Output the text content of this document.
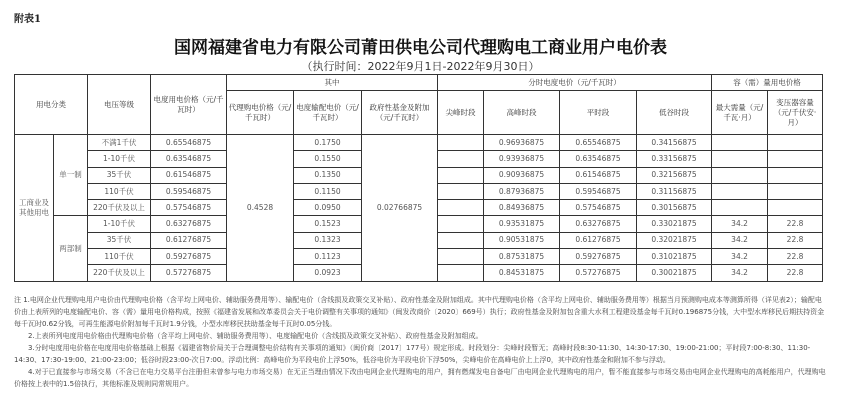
附表1
国网福建省电力有限公司莆田供电公司代理购电工商业用户电价表
（执行时间：2022年9月1日-2022年9月30日）
用电分类		电压等级	电度用电价格（元/千瓦时）	其中			分时电度电价（元/千瓦时）				容（需）量用电价格	
				代理购电价格（元/千瓦时）	电度输配电价（元/千瓦时）	政府性基金及附加（元/千瓦时）	尖峰时段	高峰时段	平时段	低谷时段	最大需量（元/千瓦·月）	变压器容量（元/千伏安·月）
工商业及其他用电	单一制	不满1千伏	0.65546875	0.4528	0.1750	0.02766875		0.96936875	0.65546875	0.34156875		
		1-10千伏	0.63546875		0.1550			0.93936875	0.63546875	0.33156875		
		35千伏	0.61546875		0.1350			0.90936875	0.61546875	0.32156875		
		110千伏	0.59546875		0.1150			0.87936875	0.59546875	0.31156875		
		220千伏及以上	0.57546875		0.0950			0.84936875	0.57546875	0.30156875		
	两部制	1-10千伏	0.63276875		0.1523			0.93531875	0.63276875	0.33021875	34.2	22.8
		35千伏	0.61276875		0.1323			0.90531875	0.61276875	0.32021875	34.2	22.8
		110千伏	0.59276875		0.1123			0.87531875	0.59276875	0.31021875	34.2	22.8
		220千伏及以上	0.57276875		0.0923			0.84531875	0.57276875	0.30021875	34.2	22.8

注 1.电网企业代理购电用户电价由代理购电价格（含平均上网电价、辅助服务费用等）、输配电价（含线损及政策交叉补贴）、政府性基金及附加组成。其中代理购电价格（含平均上网电价、辅助服务费用等）根据当月预测购电成本等测算所得（详见表2）；输配电价由上表所列的电度输配电价、容（需）量用电价格构成，按照《福建省发展和改革委员会关于电价调整有关事项的通知》（闽发改商价〔2020〕669号）执行；政府性基金及附加包含重大水利工程建设基金每千瓦时0.196875分钱，大中型水库移民后期扶持资金每千瓦时0.62分钱，可再生能源电价附加每千瓦时1.9分钱，小型水库移民扶助基金每千瓦时0.05分钱。

2.上表所列电度用电价格由代理购电价格（含平均上网电价、辅助服务费用等）、电度输配电价（含线损及政策交叉补贴）、政府性基金及附加组成。

3.分时电度用电价格在电度用电价格基础上根据《福建省物价局关于合理调整电价结构有关事项的通知》（闽价商〔2017〕177号）规定形成。时段划分：尖峰时段暂无；高峰时段8:30-11:30、14:30-17:30、19:00-21:00；平时段7:00-8:30、11:30-14:30、17:30-19:00、21:00-23:00；低谷时段23:00-次日7:00。浮动比例：高峰电价为平段电价上浮50%，低谷电价为平段电价下浮50%，尖峰电价在高峰电价上上浮0，其中政府性基金和附加不参与浮动。

4.对于已直接参与市场交易（不含已在电力交易平台注册但未曾参与电力市场交易）在无正当理由情况下改由电网企业代理购电的用户，拥有燃煤发电自备电厂由电网企业代理购电的用户，暂不能直接参与市场交易由电网企业代理购电的高耗能用户，代理购电价格按上表中的1.5倍执行，其他标准及规则同常规用户。
